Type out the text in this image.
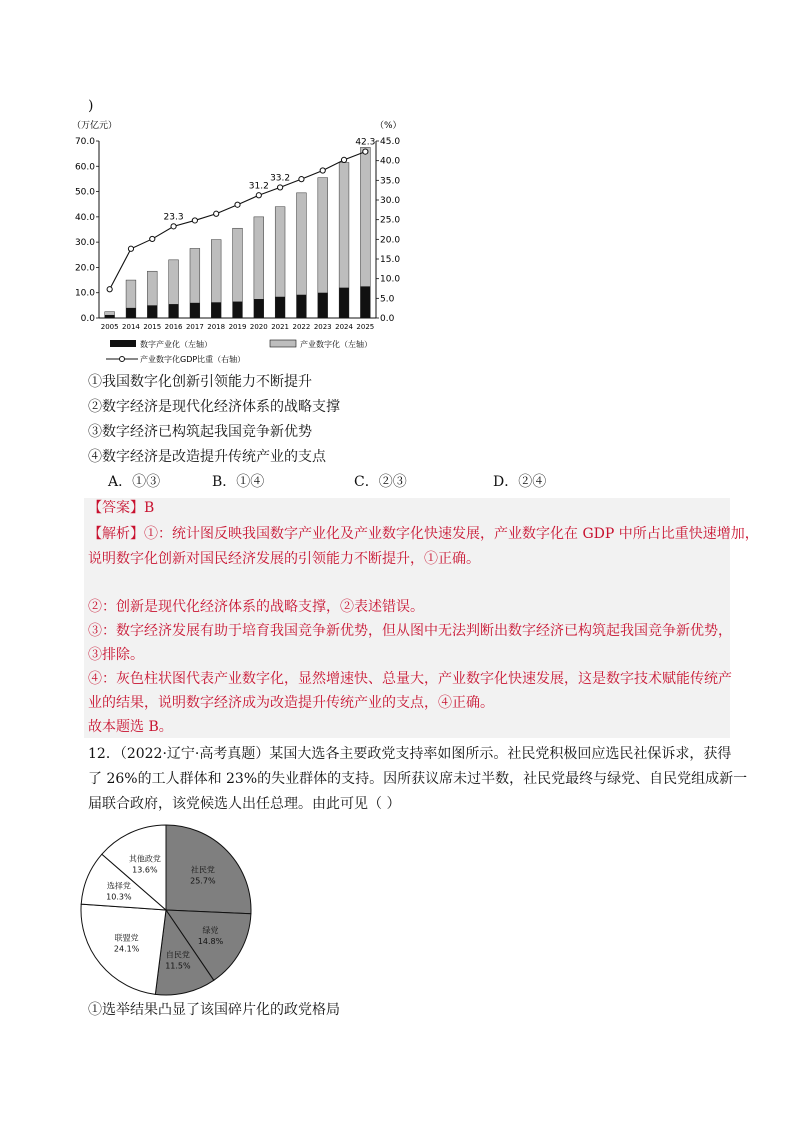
)
（万亿元）	（%）
70.0
60.0
50.0
40.0
30.0
20.0
10.0
0.0
45.0
40.0
35.0
30.0
25.0
20.0
15.0
10.0
5.0
0.0
2005 2014 2015 2016 2017 2018 2019 2020 2021 2022 2023 2024 2025
23.3
31.2
33.2
42.3
数字产业化（左轴）	产业数字化（左轴）
产业数字化GDP比重（右轴）
①我国数字化创新引领能力不断提升
②数字经济是现代化经济体系的战略支撑
③数字经济已构筑起我国竞争新优势
④数字经济是改造提升传统产业的支点
A．①③	B．①④	C．②③	D．②④
【答案】B
【解析】①：统计图反映我国数字产业化及产业数字化快速发展，产业数字化在 GDP 中所占比重快速增加，
说明数字化创新对国民经济发展的引领能力不断提升，①正确。
②：创新是现代化经济体系的战略支撑，②表述错误。
③：数字经济发展有助于培育我国竞争新优势，但从图中无法判断出数字经济已构筑起我国竞争新优势，
③排除。
④：灰色柱状图代表产业数字化，显然增速快、总量大，产业数字化快速发展，这是数字技术赋能传统产
业的结果，说明数字经济成为改造提升传统产业的支点，④正确。
故本题选 B。
12．（2022·辽宁·高考真题）某国大选各主要政党支持率如图所示。社民党积极回应选民社保诉求，获得
了 26%的工人群体和 23%的失业群体的支持。因所获议席未过半数，社民党最终与绿党、自民党组成新一
届联合政府，该党候选人出任总理。由此可见（ ）
社民党
25.7%
绿党
14.8%
自民党
11.5%
联盟党
24.1%
选择党
10.3%
其他政党
13.6%
①选举结果凸显了该国碎片化的政党格局
